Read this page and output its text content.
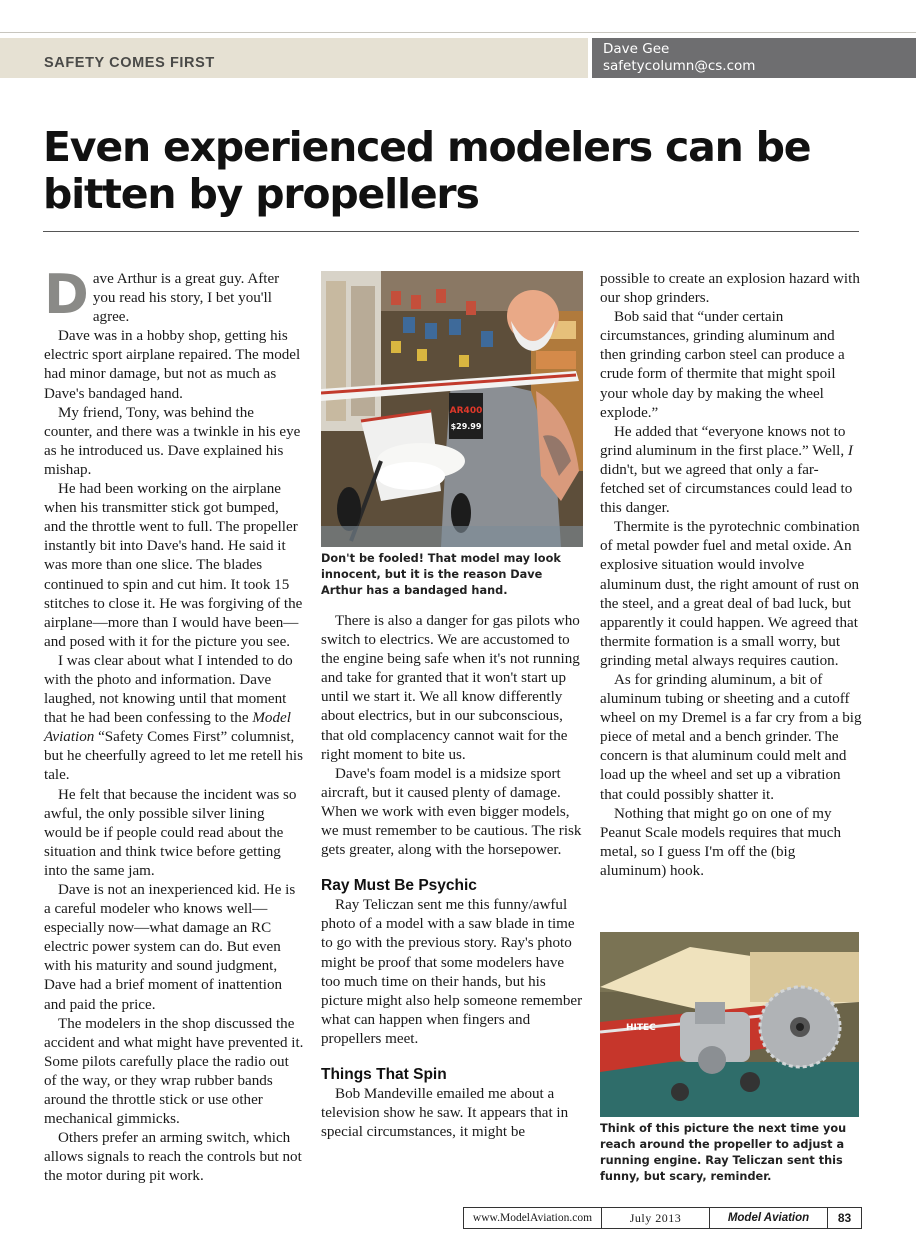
SAFETY COMES FIRST
Dave Gee
safetycolumn@cs.com
Even experienced modelers can be bitten by propellers

Dave Arthur is a great guy. After you read his story, I bet you'll agree.

Dave was in a hobby shop, getting his electric sport airplane repaired. The model had minor damage, but not as much as Dave's bandaged hand.

My friend, Tony, was behind the counter, and there was a twinkle in his eye as he introduced us. Dave explained his mishap.

He had been working on the airplane when his transmitter stick got bumped, and the throttle went to full. The propeller instantly bit into Dave's hand. He said it was more than one slice. The blades continued to spin and cut him. It took 15 stitches to close it. He was forgiving of the airplane—more than I would have been—and posed with it for the picture you see.

I was clear about what I intended to do with the photo and information. Dave laughed, not knowing until that moment that he had been confessing to the Model Aviation “Safety Comes First” columnist, but he cheerfully agreed to let me retell his tale.

He felt that because the incident was so awful, the only possible silver lining would be if people could read about the situation and think twice before getting into the same jam.

Dave is not an inexperienced kid. He is a careful modeler who knows well—especially now—what damage an RC electric power system can do. But even with his maturity and sound judgment, Dave had a brief moment of inattention and paid the price.

The modelers in the shop discussed the accident and what might have prevented it. Some pilots carefully place the radio out of the way, or they wrap rubber bands around the throttle stick or use other mechanical gimmicks.

Others prefer an arming switch, which allows signals to reach the controls but not the motor during pit work.

AR400
$29.99
Don't be fooled! That model may look innocent, but it is the reason Dave Arthur has a bandaged hand.

There is also a danger for gas pilots who switch to electrics. We are accustomed to the engine being safe when it's not running and take for granted that it won't start up until we start it. We all know differently about electrics, but in our subconscious, that old complacency cannot wait for the right moment to bite us.

Dave's foam model is a midsize sport aircraft, but it caused plenty of damage. When we work with even bigger models, we must remember to be cautious. The risk gets greater, along with the horsepower.

Ray Must Be Psychic

Ray Teliczan sent me this funny/awful photo of a model with a saw blade in time to go with the previous story. Ray's photo might be proof that some modelers have too much time on their hands, but his picture might also help someone remember what can happen when fingers and propellers meet.

Things That Spin

Bob Mandeville emailed me about a television show he saw. It appears that in special circumstances, it might be

possible to create an explosion hazard with our shop grinders.

Bob said that “under certain circumstances, grinding aluminum and then grinding carbon steel can produce a crude form of thermite that might spoil your whole day by making the wheel explode.”

He added that “everyone knows not to grind aluminum in the first place.” Well, I didn't, but we agreed that only a far-fetched set of circumstances could lead to this danger.

Thermite is the pyrotechnic combination of metal powder fuel and metal oxide. An explosive situation would involve aluminum dust, the right amount of rust on the steel, and a great deal of bad luck, but apparently it could happen. We agreed that thermite formation is a small worry, but grinding metal always requires caution.

As for grinding aluminum, a bit of aluminum tubing or sheeting and a cutoff wheel on my Dremel is a far cry from a big piece of metal and a bench grinder. The concern is that aluminum could melt and load up the wheel and set up a vibration that could possibly shatter it.

Nothing that might go on one of my Peanut Scale models requires that much metal, so I guess I'm off the (big aluminum) hook.

HITEC
Think of this picture the next time you reach around the propeller to adjust a running engine. Ray Teliczan sent this funny, but scary, reminder.
www.ModelAviation.com	July 2013	Model Aviation	83
